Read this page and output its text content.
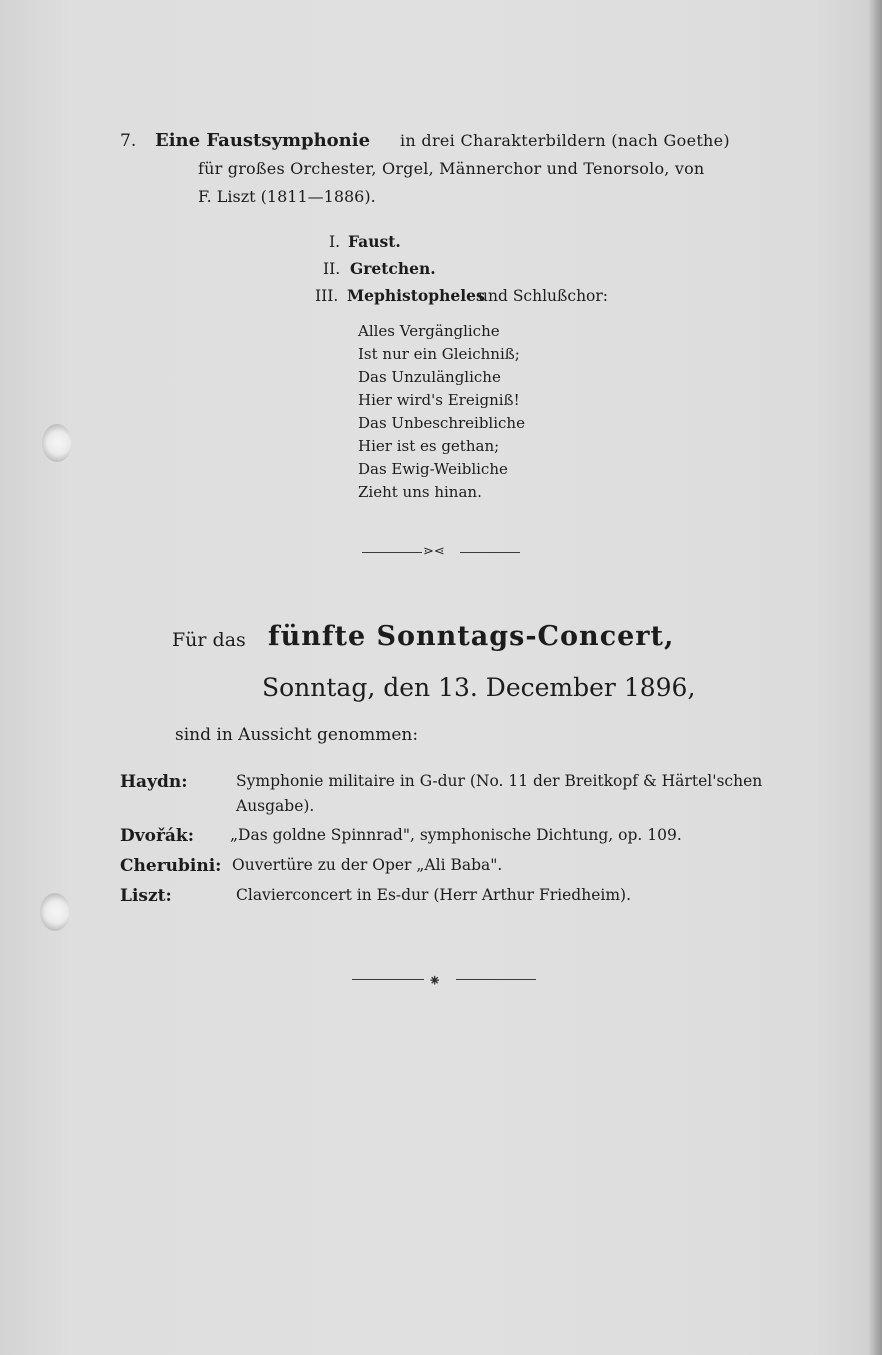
7. Eine Faustsymphonie in drei Charakterbildern (nach Goethe)
für großes Orchester, Orgel, Männerchor und Tenorsolo, von
F. Liszt (1811—1886).
I. Faust.
II. Gretchen.
III. Mephistopheles
und Schlußchor:
Alles Vergängliche
Ist nur ein Gleichniß;
Das Unzulängliche
Hier wird's Ereigniß!
Das Unbeschreibliche
Hier ist es gethan;
Das Ewig-Weibliche
Zieht uns hinan.
⋗⋖
Für das fünfte Sonntags-Concert,
Sonntag, den 13. December 1896,
sind in Aussicht genommen:
Haydn:	Symphonie militaire in G-dur (No. 11 der Breitkopf & Härtel'schen
Ausgabe).
Dvořák: „Das goldne Spinnrad", symphonische Dichtung, op. 109.
Cherubini: Ouvertüre zu der Oper „Ali Baba".
Liszt:	Clavierconcert in Es-dur (Herr Arthur Friedheim).
⁕
